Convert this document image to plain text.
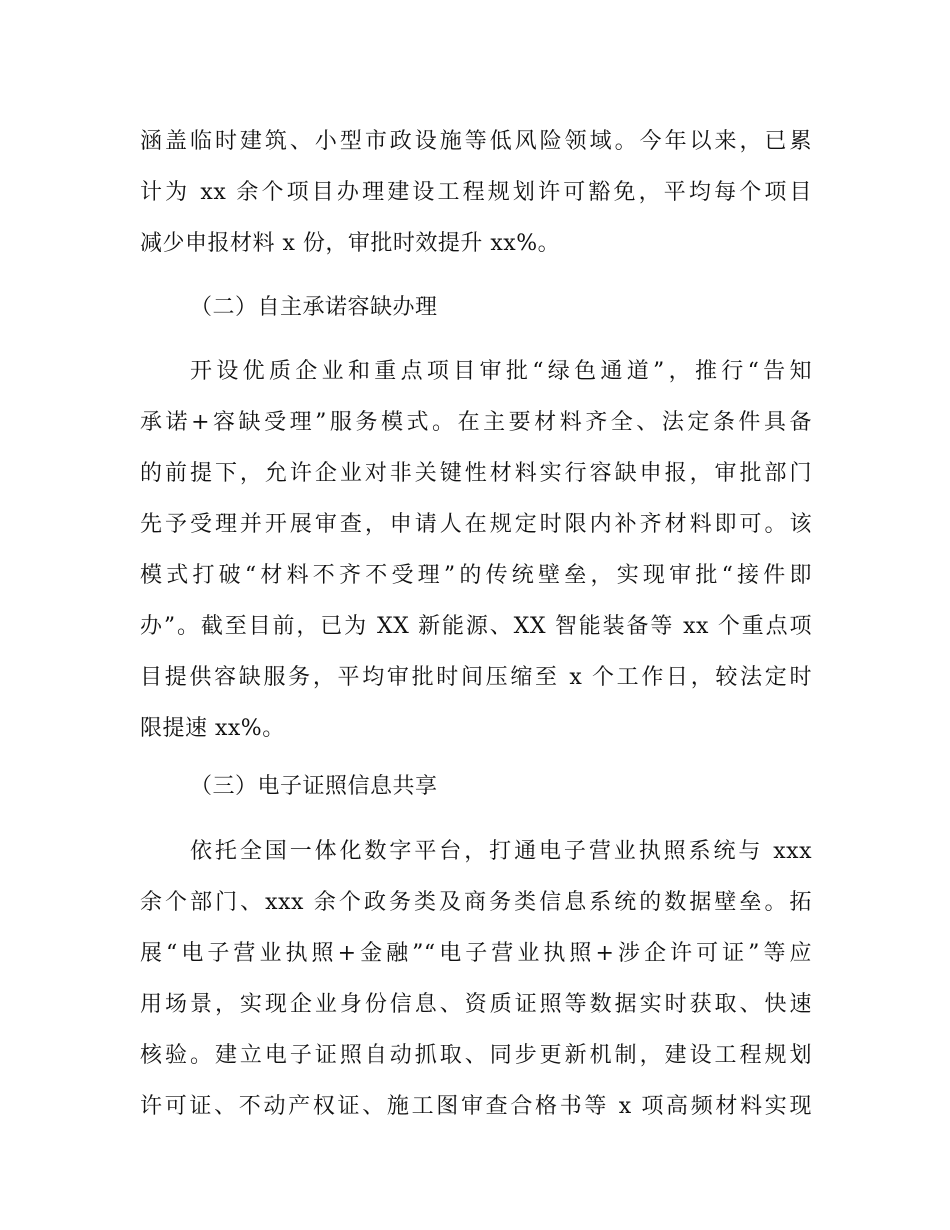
涵盖临时建筑、小型市政设施等低风险领域。今年以来，已累
计为 xx 余个项目办理建设工程规划许可豁免，平均每个项目
减少申报材料 x 份，审批时效提升 xx%。
（二）自主承诺容缺办理
开设优质企业和重点项目审批“绿色通道”，推行“告知
承诺+容缺受理”服务模式。在主要材料齐全、法定条件具备
的前提下，允许企业对非关键性材料实行容缺申报，审批部门
先予受理并开展审查，申请人在规定时限内补齐材料即可。该
模式打破“材料不齐不受理”的传统壁垒，实现审批“接件即
办”。截至目前，已为 XX 新能源、XX 智能装备等 xx 个重点项
目提供容缺服务，平均审批时间压缩至 x 个工作日，较法定时
限提速 xx%。
（三）电子证照信息共享
依托全国一体化数字平台，打通电子营业执照系统与 xxx
余个部门、xxx 余个政务类及商务类信息系统的数据壁垒。拓
展“电子营业执照+金融”“电子营业执照+涉企许可证”等应
用场景，实现企业身份信息、资质证照等数据实时获取、快速
核验。建立电子证照自动抓取、同步更新机制，建设工程规划
许可证、不动产权证、施工图审查合格书等 x 项高频材料实现
